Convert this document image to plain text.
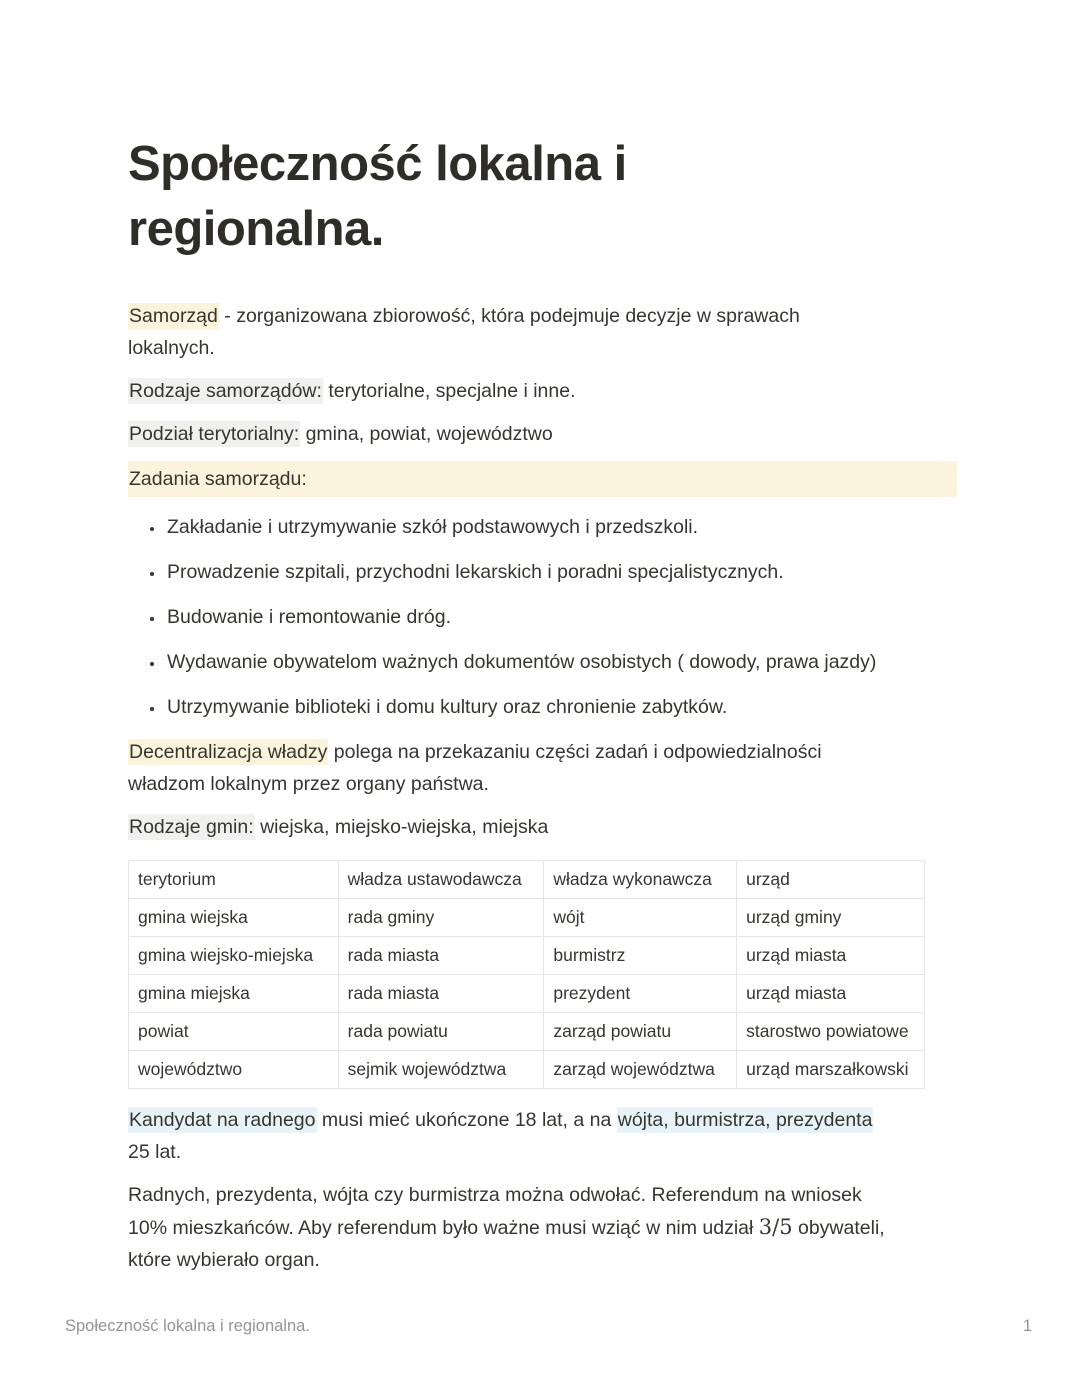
Społeczność lokalna i regionalna.

Samorząd - zorganizowana zbiorowość, która podejmuje decyzje w sprawach lokalnych.

Rodzaje samorządów: terytorialne, specjalne i inne.

Podział terytorialny: gmina, powiat, województwo

Zadania samorządu:
• Zakładanie i utrzymywanie szkół podstawowych i przedszkoli.
• Prowadzenie szpitali, przychodni lekarskich i poradni specjalistycznych.
• Budowanie i remontowanie dróg.
• Wydawanie obywatelom ważnych dokumentów osobistych ( dowody, prawa jazdy)
• Utrzymywanie biblioteki i domu kultury oraz chronienie zabytków.

Decentralizacja władzy polega na przekazaniu części zadań i odpowiedzialności władzom lokalnym przez organy państwa.

Rodzaje gmin: wiejska, miejsko-wiejska, miejska

terytorium	władza ustawodawcza	władza wykonawcza	urząd
gmina wiejska	rada gminy	wójt	urząd gminy
gmina wiejsko-miejska	rada miasta	burmistrz	urząd miasta
gmina miejska	rada miasta	prezydent	urząd miasta
powiat	rada powiatu	zarząd powiatu	starostwo powiatowe
województwo	sejmik województwa	zarząd województwa	urząd marszałkowski

Kandydat na radnego musi mieć ukończone 18 lat, a na wójta, burmistrza, prezydenta 25 lat.

Radnych, prezydenta, wójta czy burmistrza można odwołać. Referendum na wniosek 10% mieszkańców. Aby referendum było ważne musi wziąć w nim udział 3/5 obywateli, które wybierało organ.

Społeczność lokalna i regionalna.	1
